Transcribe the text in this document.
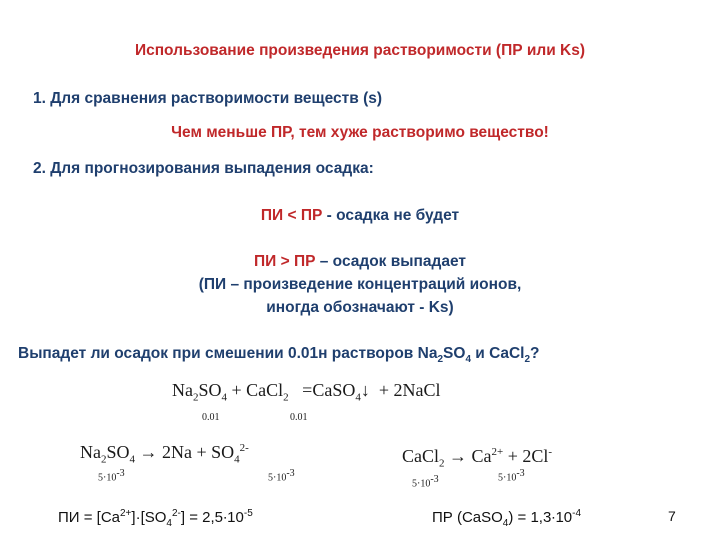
Использование произведения растворимости (ПР или Ks)
1. Для сравнения растворимости веществ (s)
Чем меньше ПР, тем хуже растворимо вещество!
2. Для прогнозирования выпадения осадка:
ПИ < ПР - осадка не будет
ПИ > ПР – осадок выпадает
(ПИ – произведение концентраций ионов,
иногда обозначают - Ks)
Выпадет ли осадок при смешении 0.01н растворов $Na_2SO_4$ и CaCl$_2$?
$Na_2SO_4$ + CaCl$_2$ =CaSO$_4$↓ + 2NaCl
0.01	0.01
$Na_2SO_4 \to 2Na + SO_4^{2-}$
$5\cdot 10^{-3}$	$5\cdot 10^{-3}$
CaCl$_2$ → $Ca^{2+} + 2Cl^-$
$5\cdot 10^{-3}$	$5\cdot 10^{-3}$
ПИ = $[Ca^{2+}]\cdot[SO_4^{2-}] = 2,5\cdot 10^{-5}$	ПР (CaSO$_4$) = $1,3\cdot 10^{-4}$	7
